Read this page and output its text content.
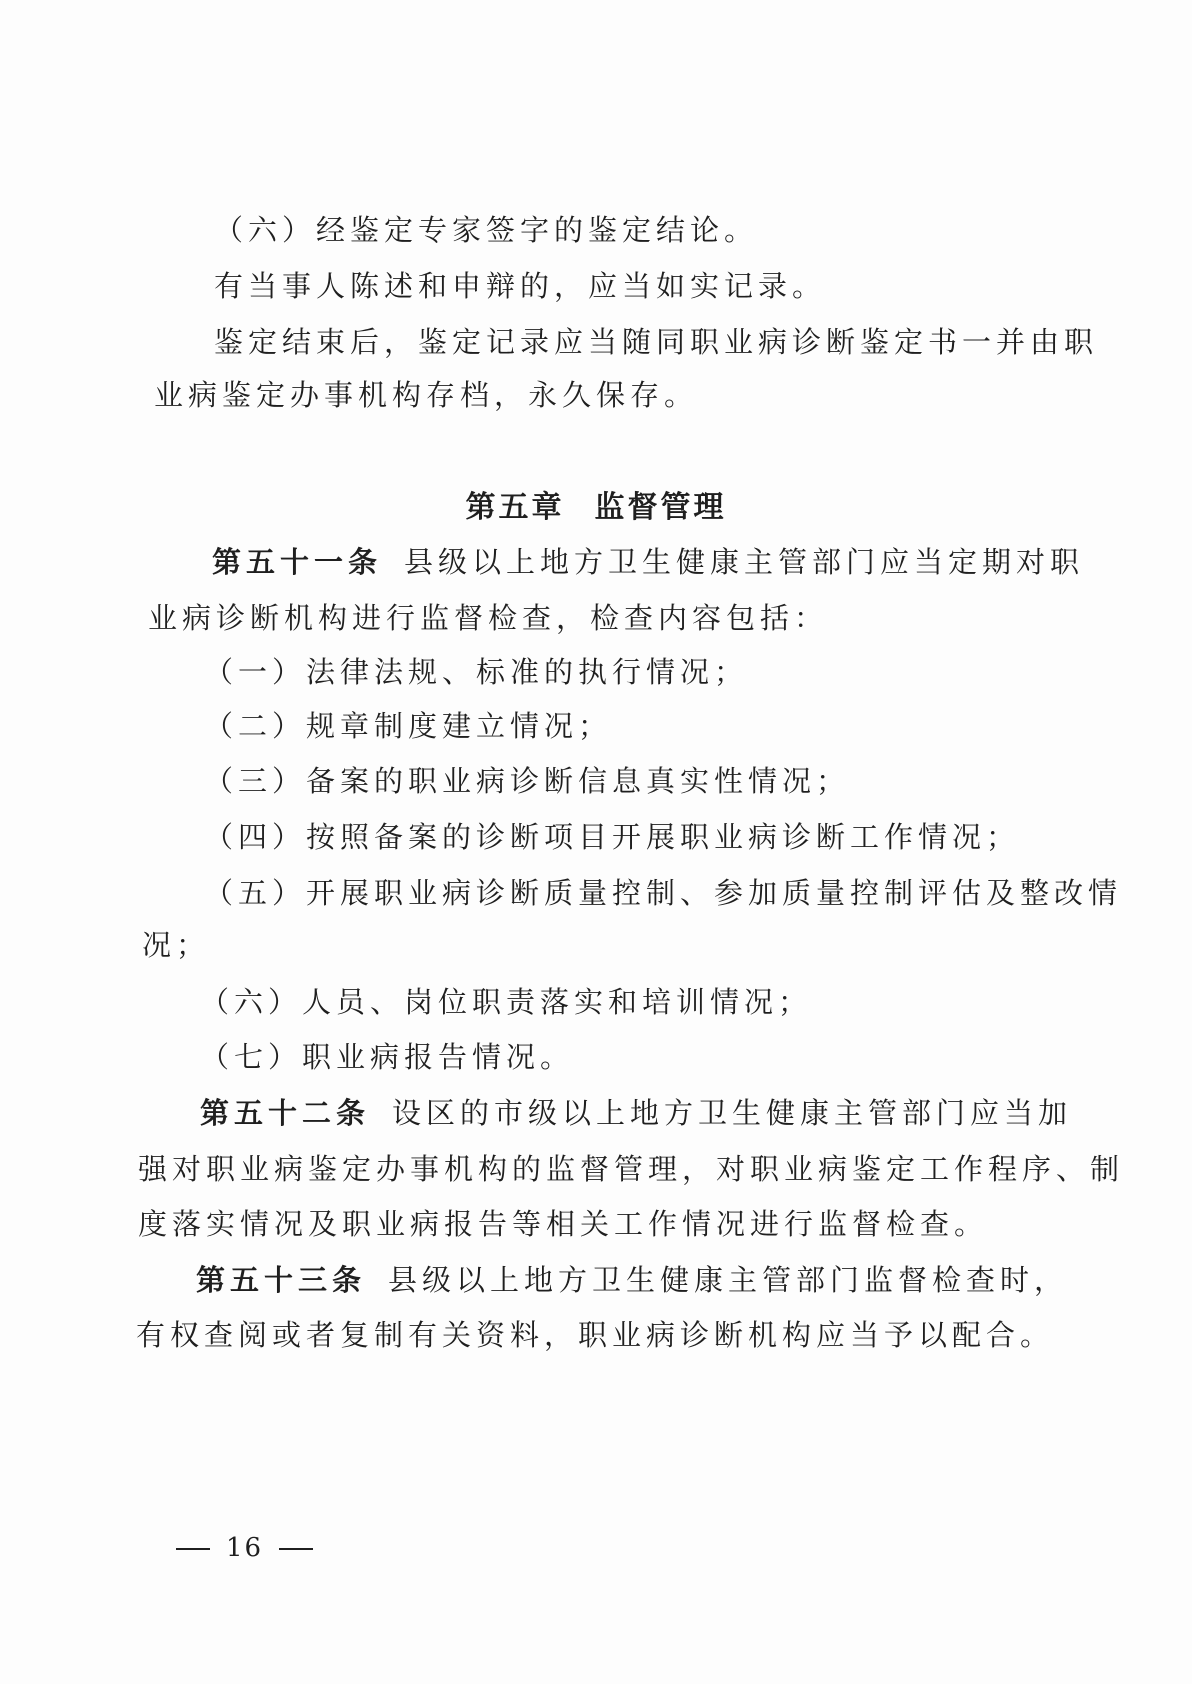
（六）经鉴定专家签字的鉴定结论。
有当事人陈述和申辩的，应当如实记录。
鉴定结束后，鉴定记录应当随同职业病诊断鉴定书一并由职
业病鉴定办事机构存档，永久保存。
第五章 监督管理
第五十一条 县级以上地方卫生健康主管部门应当定期对职
业病诊断机构进行监督检查，检查内容包括：
（一）法律法规、标准的执行情况；
（二）规章制度建立情况；
（三）备案的职业病诊断信息真实性情况；
（四）按照备案的诊断项目开展职业病诊断工作情况；
（五）开展职业病诊断质量控制、参加质量控制评估及整改情
况；
（六）人员、岗位职责落实和培训情况；
（七）职业病报告情况。
第五十二条 设区的市级以上地方卫生健康主管部门应当加
强对职业病鉴定办事机构的监督管理，对职业病鉴定工作程序、制
度落实情况及职业病报告等相关工作情况进行监督检查。
第五十三条 县级以上地方卫生健康主管部门监督检查时，
有权查阅或者复制有关资料，职业病诊断机构应当予以配合。
16
